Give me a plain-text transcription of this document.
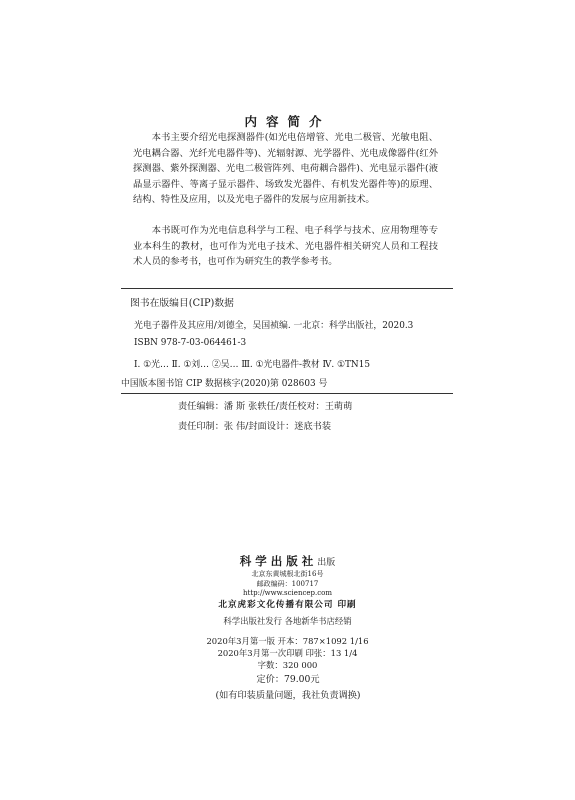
内容简介

本书主要介绍光电探测器件(如光电倍增管、光电二极管、光敏电阻、光电耦合器、光纤光电器件等)、光辐射源、光学器件、光电成像器件(红外探测器、紫外探测器、光电二极管阵列、电荷耦合器件)、光电显示器件(液晶显示器件、等离子显示器件、场致发光器件、有机发光器件等)的原理、结构、特性及应用，以及光电子器件的发展与应用新技术。

本书既可作为光电信息科学与工程、电子科学与技术、应用物理等专业本科生的教材，也可作为光电子技术、光电器件相关研究人员和工程技术人员的参考书，也可作为研究生的教学参考书。

图书在版编目(CIP)数据
光电子器件及其应用/刘德全，吴国祯编. 一北京：科学出版社，2020.3
ISBN 978-7-03-064461-3
Ⅰ. ①光… Ⅱ. ①刘… ②吴… Ⅲ. ①光电器件-教材 Ⅳ. ①TN15
中国版本图书馆 CIP 数据核字(2020)第 028603 号
责任编辑：潘 斯 张轶任/责任校对：王萌萌
责任印制：张 伟/封面设计：迷底书装
科学出版社出版
北京东黄城根北街16号
邮政编码：100717
http://www.sciencep.com
北京虎彩文化传播有限公司 印刷
科学出版社发行 各地新华书店经销
2020年3月第一版 开本：787×1092 1/16
2020年3月第一次印刷 印张：13 1/4
字数：320 000
定价：79.00元
(如有印装质量问题，我社负责调换)
